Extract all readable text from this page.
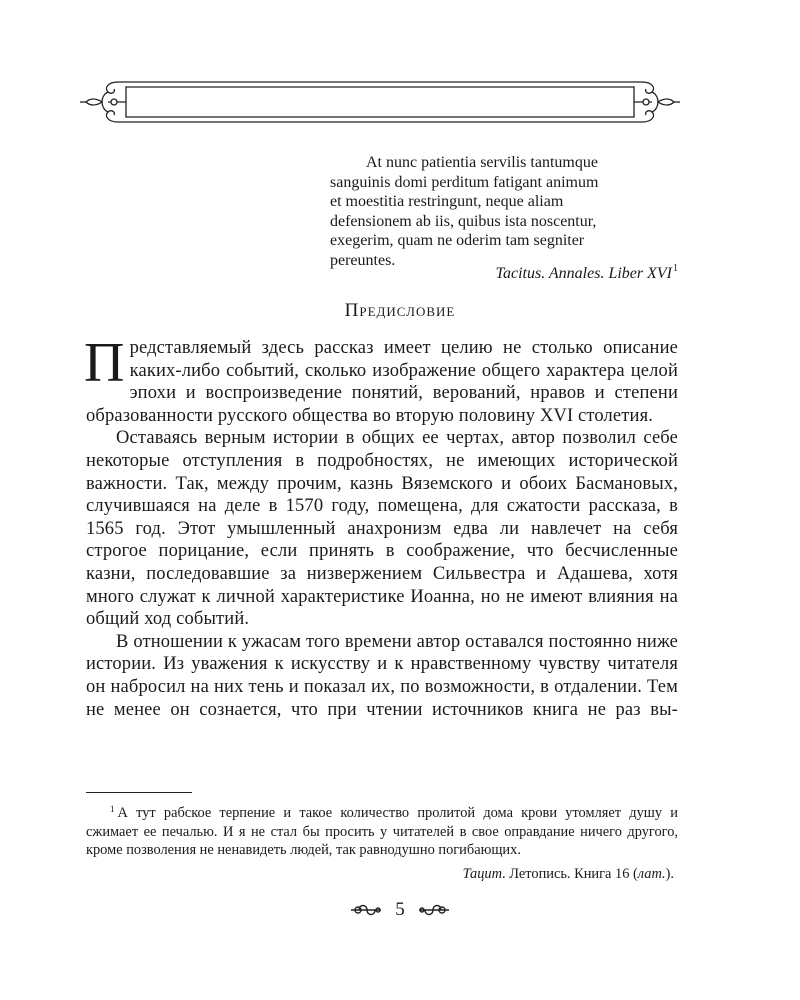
At nunc patientia servilis tantumque
sanguinis domi perditum fatigant animum
et moestitia restringunt, neque aliam
defensionem ab iis, quibus ista noscentur,
exegerim, quam ne oderim tam segniter
pereuntes.
Tacitus. Annales. Liber XVI$^1$
Предисловие

Представляемый здесь рассказ имеет целию не столько описание каких-либо событий, сколько изображение общего характера целой эпохи и воспроизведение понятий, верований, нравов и степени образованности русского общества во вторую половину XVI столетия.

Оставаясь верным истории в общих ее чертах, автор позволил себе некоторые отступления в подробностях, не имеющих исторической важности. Так, между прочим, казнь Вяземского и обоих Басмановых, случившаяся на деле в 1570 году, помещена, для сжатости рассказа, в 1565 год. Этот умышленный анахронизм едва ли навлечет на себя строгое порицание, если принять в соображение, что бесчисленные казни, последовавшие за низвержением Сильвестра и Адашева, хотя много служат к личной характеристике Иоанна, но не имеют влияния на общий ход событий.

В отношении к ужасам того времени автор оставался постоянно ниже истории. Из уважения к искусству и к нравственному чувству читателя он набросил на них тень и показал их, по возможности, в отдалении. Тем не менее он сознается, что при чтении источников книга не раз вы-

$^1$ А тут рабское терпение и такое количество пролитой дома крови утомляет душу и сжимает ее печалью. И я не стал бы просить у читателей в свое оправдание ничего другого, кроме позволения не ненавидеть людей, так равнодушно погибающих.
Тацит. Летопись. Книга 16 (лат.).
5
